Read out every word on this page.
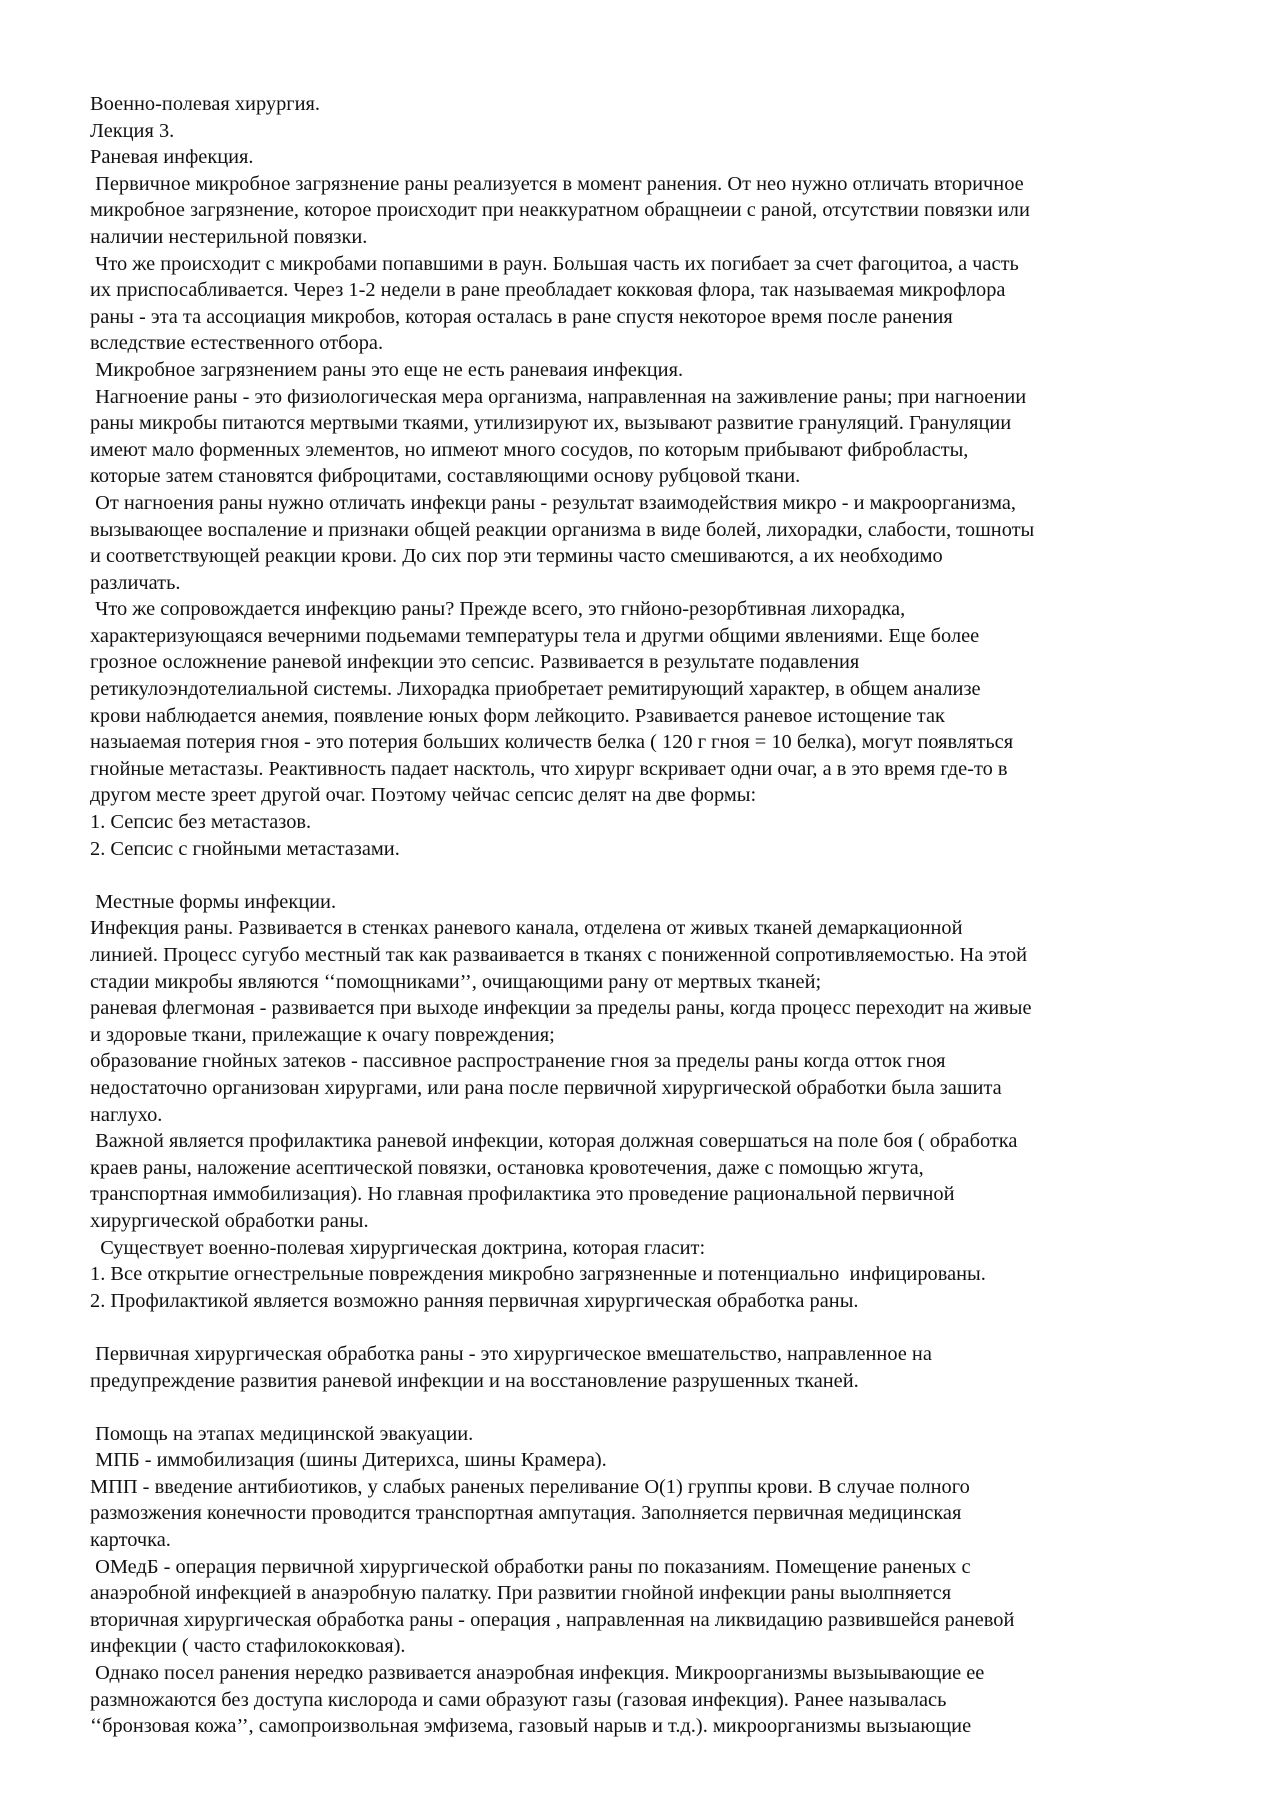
Военно-полевая хирургия.
Лекция 3.
Раневая инфекция.
Первичное микробное загрязнение раны реализуется в момент ранения. От нео нужно отличать вторичное
микробное загрязнение, которое происходит при неаккуратном обращнеии с раной, отсутствии повязки или
наличии нестерильной повязки.
Что же происходит с микробами попавшими в раун. Большая часть их погибает за счет фагоцитоа, а часть
их приспосабливается. Через 1-2 недели в ране преобладает кокковая флора, так называемая микрофлора
раны - эта та ассоциация микробов, которая осталась в ране спустя некоторое время после ранения
вследствие естественного отбора.
Микробное загрязнением раны это еще не есть раневаия инфекция.
Нагноение раны - это физиологическая мера организма, направленная на заживление раны; при нагноении
раны микробы питаются мертвыми ткаями, утилизируют их, вызывают развитие грануляций. Грануляции
имеют мало форменных элементов, но ипмеют много сосудов, по которым прибывают фибробласты,
которые затем становятся фиброцитами, составляющими основу рубцовой ткани.
От нагноения раны нужно отличать инфекци раны - результат взаимодействия микро - и макроорганизма,
вызывающее воспаление и признаки общей реакции организма в виде болей, лихорадки, слабости, тошноты
и соответствующей реакции крови. До сих пор эти термины часто смешиваются, а их необходимо
различать.
Что же сопровождается инфекцию раны? Прежде всего, это гнйоно-резорбтивная лихорадка,
характеризующаяся вечерними подьемами температуры тела и другми общими явлениями. Еще более
грозное осложнение раневой инфекции это сепсис. Развивается в результате подавления
ретикулоэндотелиальной системы. Лихорадка приобретает ремитирующий характер, в общем анализе
крови наблюдается анемия, появление юных форм лейкоцито. Рзавивается раневое истощение так
назыаемая потерия гноя - это потерия больших количеств белка ( 120 г гноя = 10 белка), могут появляться
гнойные метастазы. Реактивность падает насктоль, что хирург вскривает одни очаг, а в это время где-то в
другом месте зреет другой очаг. Поэтому чейчас сепсис делят на две формы:
1. Сепсис без метастазов.
2. Сепсис с гнойными метастазами.
Местные формы инфекции.
Инфекция раны. Развивается в стенках раневого канала, отделена от живых тканей демаркационной
линией. Процесс сугубо местный так как разваивается в тканях с пониженной сопротивляемостью. На этой
стадии микробы являются ‘‘помощниками’’, очищающими рану от мертвых тканей;
раневая флегмоная - развивается при выходе инфекции за пределы раны, когда процесс переходит на живые
и здоровые ткани, прилежащие к очагу повреждения;
образование гнойных затеков - пассивное распространение гноя за пределы раны когда отток гноя
недостаточно организован хирургами, или рана после первичной хирургической обработки была зашита
наглухо.
Важной является профилактика раневой инфекции, которая должная совершаться на поле боя ( обработка
краев раны, наложение асептической повязки, остановка кровотечения, даже с помощью жгута,
транспортная иммобилизация). Но главная профилактика это проведение рациональной первичной
хирургической обработки раны.
Существует военно-полевая хирургическая доктрина, которая гласит:
1. Все открытие огнестрельные повреждения микробно загрязненные и потенциально  инфицированы.
2. Профилактикой является возможно ранняя первичная хирургическая обработка раны.
Первичная хирургическая обработка раны - это хирургическое вмешательство, направленное на
предупреждение развития раневой инфекции и на восстановление разрушенных тканей.
Помощь на этапах медицинской эвакуации.
МПБ - иммобилизация (шины Дитерихса, шины Крамера).
МПП - введение антибиотиков, у слабых раненых переливание О(1) группы крови. В случае полного
размозжения конечности проводится транспортная ампутация. Заполняется первичная медицинская
карточка.
ОМедБ - операция первичной хирургической обработки раны по показаниям. Помещение раненых с
анаэробной инфекцией в анаэробную палатку. При развитии гнойной инфекции раны выолпняется
вторичная хирургическая обработка раны - операция , направленная на ликвидацию развившейся раневой
инфекции ( часто стафилококковая).
Однако посел ранения нередко развивается анаэробная инфекция. Микроорганизмы вызыывающие ее
размножаются без доступа кислорода и сами образуют газы (газовая инфекция). Ранее называлась
‘‘бронзовая кожа’’, самопроизвольная эмфизема, газовый нарыв и т.д.). микроорганизмы вызыающие
